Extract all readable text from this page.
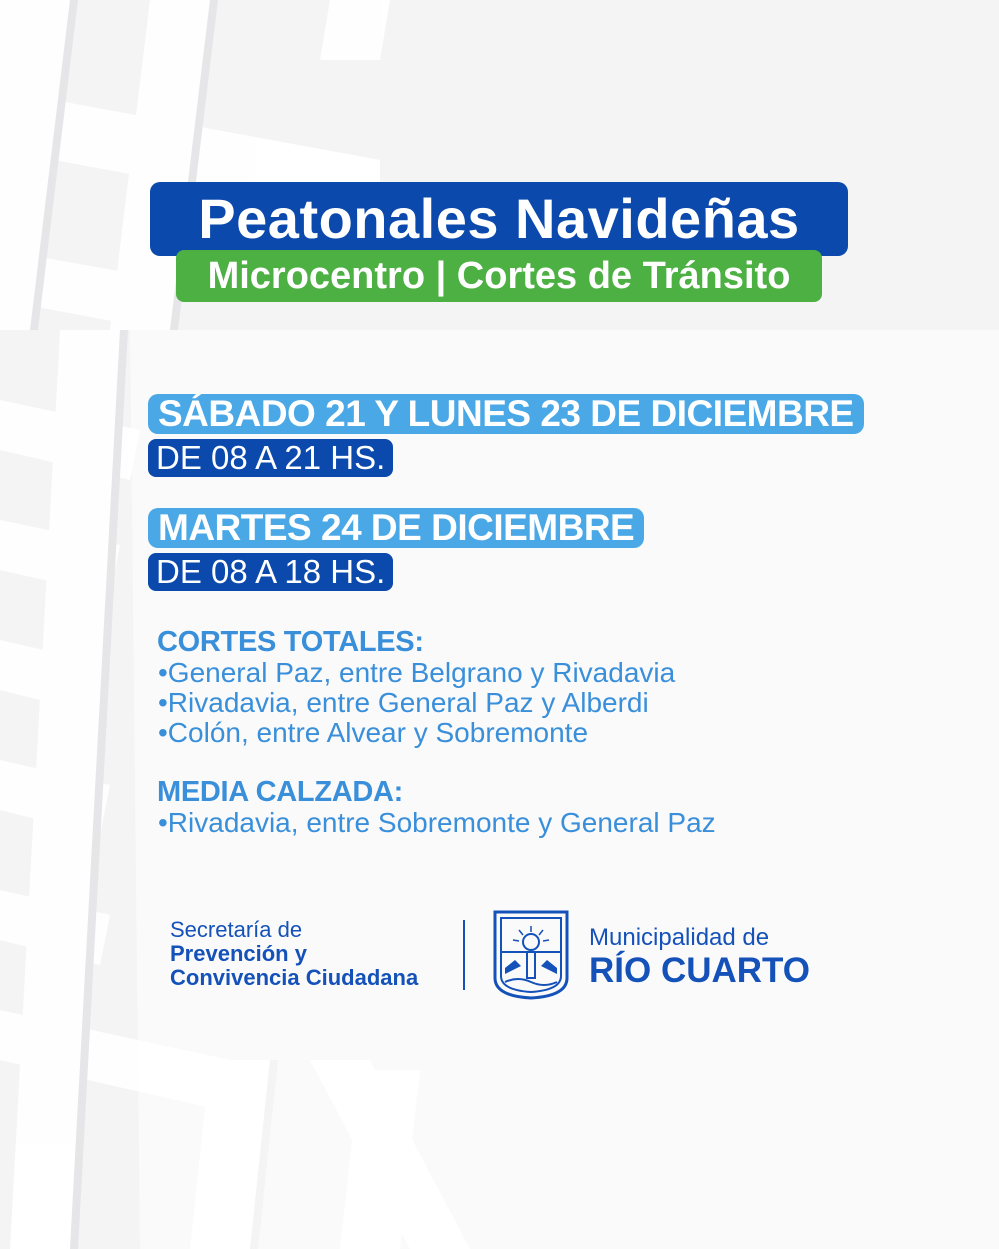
Peatonales Navideñas
Microcentro | Cortes de Tránsito
SÁBADO 21 Y LUNES 23 DE DICIEMBRE
DE 08 A 21 HS.
MARTES 24 DE DICIEMBRE
DE 08 A 18 HS.
CORTES TOTALES:
•General Paz, entre Belgrano y Rivadavia
•Rivadavia, entre General Paz y Alberdi
•Colón, entre Alvear y Sobremonte
MEDIA CALZADA:
•Rivadavia, entre Sobremonte y General Paz
Secretaría de
Prevención y
Convivencia Ciudadana
Municipalidad de
RÍO CUARTO
